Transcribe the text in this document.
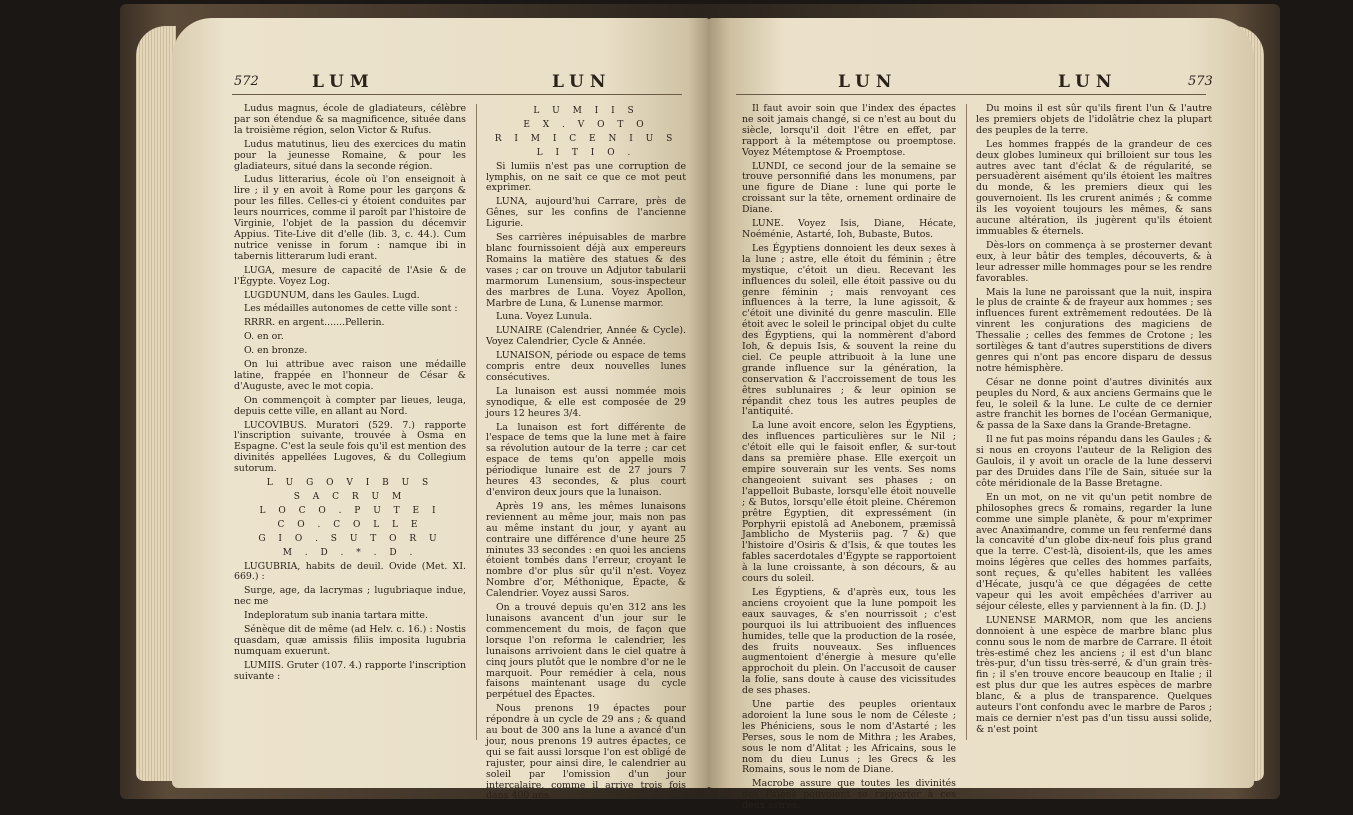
572	LUM	LUN

Ludus magnus, école de gladiateurs, célèbre par son étendue & sa magnificence, située dans la troisième région, selon Victor & Rufus.

Ludus matutinus, lieu des exercices du matin pour la jeunesse Romaine, & pour les gladiateurs, situé dans la seconde région.

Ludus litterarius, école où l'on enseignoit à lire ; il y en avoit à Rome pour les garçons & pour les filles. Celles-ci y étoient conduites par leurs nourrices, comme il paroît par l'histoire de Virginie, l'objet de la passion du décemvir Appius. Tite-Live dit d'elle (lib. 3, c. 44.). Cum nutrice venisse in forum : namque ibi in tabernis litterarum ludi erant.

LUGA, mesure de capacité de l'Asie & de l'Égypte. Voyez Log.

LUGDUNUM, dans les Gaules. Lugd.

Les médailles autonomes de cette ville sont :

RRRR. en argent.......Pellerin.

O. en or.

O. en bronze.

On lui attribue avec raison une médaille latine, frappée en l'honneur de César & d'Auguste, avec le mot copia.

On commençoit à compter par lieues, leuga, depuis cette ville, en allant au Nord.

LUCOVIBUS. Muratori (529. 7.) rapporte l'inscription suivante, trouvée à Osma en Espagne. C'est la seule fois qu'il est mention des divinités appellées Lugoves, & du Collegium sutorum.

L U G O V I B U S
S A C R U M
L O C O . P U T E I
C O . C O L L E
G I O . S U T O R U
M . D . * . D .

LUGUBRIA, habits de deuil. Ovide (Met. XI. 669.) :

Surge, age, da lacrymas ; lugubriaque indue, nec me

Indeploratum sub inania tartara mitte.

Sénèque dit de même (ad Helv. c. 16.) : Nostis quasdam, quæ amissis filiis imposita lugubria numquam exuerunt.

LUMIIS. Gruter (107. 4.) rapporte l'inscription suivante :

L U M I I S
E X . V O T O
R I M I C E N I U S
L I T I O .

Si lumiis n'est pas une corruption de lymphis, on ne sait ce que ce mot peut exprimer.

LUNA, aujourd'hui Carrare, près de Gênes, sur les confins de l'ancienne Ligurie.

Ses carrières inépuisables de marbre blanc fournissoient déjà aux empereurs Romains la matière des statues & des vases ; car on trouve un Adjutor tabularii marmorum Lunensium, sous-inspecteur des marbres de Luna. Voyez Apollon, Marbre de Luna, & Lunense marmor.

Luna. Voyez Lunula.

LUNAIRE (Calendrier, Année & Cycle). Voyez Calendrier, Cycle & Année.

LUNAISON, période ou espace de tems compris entre deux nouvelles lunes consécutives.

La lunaison est aussi nommée mois synodique, & elle est composée de 29 jours 12 heures 3/4.

La lunaison est fort différente de l'espace de tems que la lune met à faire sa révolution autour de la terre ; car cet espace de tems qu'on appelle mois périodique lunaire est de 27 jours 7 heures 43 secondes, & plus court d'environ deux jours que la lunaison.

Après 19 ans, les mêmes lunaisons reviennent au même jour, mais non pas au même instant du jour, y ayant au contraire une différence d'une heure 25 minutes 33 secondes : en quoi les anciens étoient tombés dans l'erreur, croyant le nombre d'or plus sûr qu'il n'est. Voyez Nombre d'or, Méthonique, Épacte, & Calendrier. Voyez aussi Saros.

On a trouvé depuis qu'en 312 ans les lunaisons avancent d'un jour sur le commencement du mois, de façon que lorsque l'on reforma le calendrier, les lunaisons arrivoient dans le ciel quatre à cinq jours plutôt que le nombre d'or ne le marquoit. Pour remédier à cela, nous faisons maintenant usage du cycle perpétuel des Épactes.

Nous prenons 19 épactes pour répondre à un cycle de 29 ans ; & quand au bout de 300 ans la lune a avancé d'un jour, nous prenons 19 autres épactes, ce qui se fait aussi lorsque l'on est obligé de rajuster, pour ainsi dire, le calendrier au soleil par l'omission d'un jour intercalaire, comme il arrive trois fois dans 400 ans.

LUN	LUN	573

Il faut avoir soin que l'index des épactes ne soit jamais changé, si ce n'est au bout du siècle, lorsqu'il doit l'être en effet, par rapport à la métemptose ou proemptose. Voyez Métemptose & Proemptose.

LUNDI, ce second jour de la semaine se trouve personnifié dans les monumens, par une figure de Diane : lune qui porte le croissant sur la tête, ornement ordinaire de Diane.

LUNE. Voyez Isis, Diane, Hécate, Noéménie, Astarté, Ioh, Bubaste, Butos.

Les Égyptiens donnoient les deux sexes à la lune ; astre, elle étoit du féminin ; être mystique, c'étoit un dieu. Recevant les influences du soleil, elle étoit passive ou du genre féminin ; mais renvoyant ces influences à la terre, la lune agissoit, & c'étoit une divinité du genre masculin. Elle étoit avec le soleil le principal objet du culte des Égyptiens, qui la nommèrent d'abord Ioh, & depuis Isis, & souvent la reine du ciel. Ce peuple attribuoit à la lune une grande influence sur la génération, la conservation & l'accroissement de tous les êtres sublunaires ; & leur opinion se répandit chez tous les autres peuples de l'antiquité.

La lune avoit encore, selon les Égyptiens, des influences particulières sur le Nil ; c'étoit elle qui le faisoit enfler, & sur-tout dans sa première phase. Elle exerçoit un empire souverain sur les vents. Ses noms changeoient suivant ses phases ; on l'appelloit Bubaste, lorsqu'elle étoit nouvelle ; & Butos, lorsqu'elle étoit pleine. Chéremon prêtre Égyptien, dit expressément (in Porphyrii epistolâ ad Anebonem, præmissâ Jamblicho de Mysteriis pag. 7 &) que l'histoire d'Osiris & d'Isis, & que toutes les fables sacerdotales d'Égypte se rapportoient à la lune croissante, à son décours, & au cours du soleil.

Les Égyptiens, & d'après eux, tous les anciens croyoient que la lune pompoit les eaux sauvages, & s'en nourrissoit ; c'est pourquoi ils lui attribuoient des influences humides, telle que la production de la rosée, des fruits nouveaux. Ses influences augmentoient d'énergie à mesure qu'elle approchoit du plein. On l'accusoit de causer la folie, sans doute à cause des vicissitudes de ses phases.

Une partie des peuples orientaux adoroient la lune sous le nom de Céleste ; les Phéniciens, sous le nom d'Astarté ; les Perses, sous le nom de Mithra ; les Arabes, sous le nom d'Alitat ; les Africains, sous le nom du dieu Lunus ; les Grecs & les Romains, sous le nom de Diane.

Macrobe assure que toutes les divinités des Païens pouvoient se rapporter à ces deux astres.

Du moins il est sûr qu'ils firent l'un & l'autre les premiers objets de l'idolâtrie chez la plupart des peuples de la terre.

Les hommes frappés de la grandeur de ces deux globes lumineux qui brilloient sur tous les autres avec tant d'éclat & de régularité, se persuadèrent aisément qu'ils étoient les maîtres du monde, & les premiers dieux qui les gouvernoient. Ils les crurent animés ; & comme ils les voyoient toujours les mêmes, & sans aucune altération, ils jugèrent qu'ils étoient immuables & éternels.

Dès-lors on commença à se prosterner devant eux, à leur bâtir des temples, découverts, & à leur adresser mille hommages pour se les rendre favorables.

Mais la lune ne paroissant que la nuit, inspira le plus de crainte & de frayeur aux hommes ; ses influences furent extrêmement redoutées. De là vinrent les conjurations des magiciens de Thessalie ; celles des femmes de Crotone ; les sortilèges & tant d'autres superstitions de divers genres qui n'ont pas encore disparu de dessus notre hémisphère.

César ne donne point d'autres divinités aux peuples du Nord, & aux anciens Germains que le feu, le soleil & la lune. Le culte de ce dernier astre franchit les bornes de l'océan Germanique, & passa de la Saxe dans la Grande-Bretagne.

Il ne fut pas moins répandu dans les Gaules ; & si nous en croyons l'auteur de la Religion des Gaulois, il y avoit un oracle de la lune desservi par des Druides dans l'île de Sain, située sur la côte méridionale de la Basse Bretagne.

En un mot, on ne vit qu'un petit nombre de philosophes grecs & romains, regarder la lune comme une simple planète, & pour m'exprimer avec Anaximandre, comme un feu renfermé dans la concavité d'un globe dix-neuf fois plus grand que la terre. C'est-là, disoient-ils, que les ames moins légères que celles des hommes parfaits, sont reçues, & qu'elles habitent les vallées d'Hécate, jusqu'à ce que dégagées de cette vapeur qui les avoit empêchées d'arriver au séjour céleste, elles y parviennent à la fin. (D. J.)

LUNENSE MARMOR, nom que les anciens donnoient à une espèce de marbre blanc plus connu sous le nom de marbre de Carrare. Il étoit très-estimé chez les anciens ; il est d'un blanc très-pur, d'un tissu très-serré, & d'un grain très-fin ; il s'en trouve encore beaucoup en Italie ; il est plus dur que les autres espèces de marbre blanc, & a plus de transparence. Quelques auteurs l'ont confondu avec le marbre de Paros ; mais ce dernier n'est pas d'un tissu aussi solide, & n'est point
